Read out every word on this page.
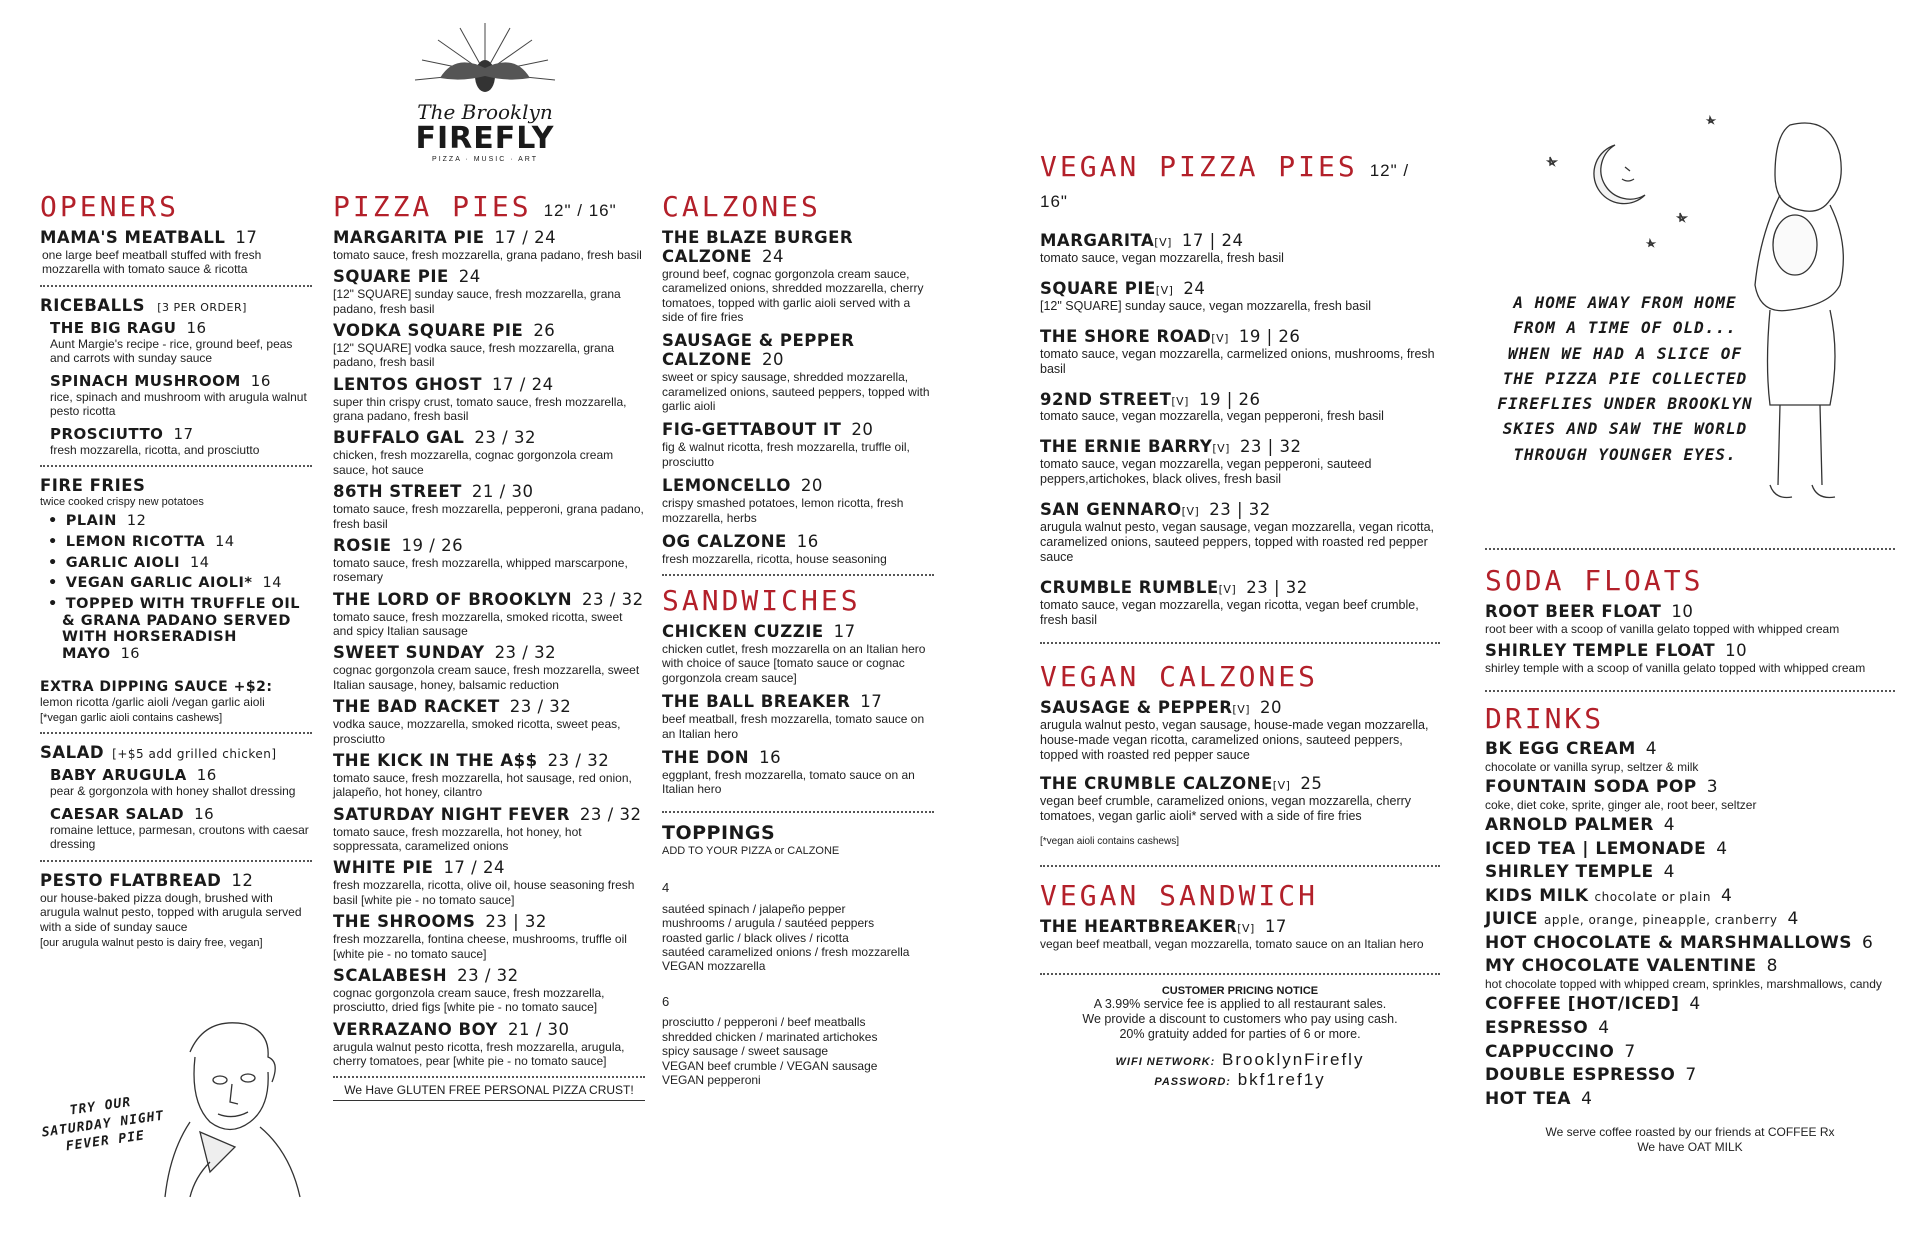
The Brooklyn
FIREFLY
PIZZA · MUSIC · ART
OPENERS
MAMA'S MEATBALL 17
one large beef meatball stuffed with fresh mozzarella with tomato sauce & ricotta
RICEBALLS [3 PER ORDER]
THE BIG RAGU 16
Aunt Margie's recipe - rice, ground beef, peas and carrots with sunday sauce
SPINACH MUSHROOM 16
rice, spinach and mushroom with arugula walnut pesto ricotta
PROSCIUTTO 17
fresh mozzarella, ricotta, and prosciutto
FIRE FRIES
twice cooked crispy new potatoes
• PLAIN 12
• LEMON RICOTTA 14
• GARLIC AIOLI 14
• VEGAN GARLIC AIOLI* 14
• TOPPED WITH TRUFFLE OIL & GRANA PADANO SERVED WITH HORSERADISH MAYO 16
EXTRA DIPPING SAUCE +$2:
lemon ricotta /garlic aioli /vegan garlic aioli
[*vegan garlic aioli contains cashews]
SALAD [+$5 add grilled chicken]
BABY ARUGULA 16
pear & gorgonzola with honey shallot dressing
CAESAR SALAD 16
romaine lettuce, parmesan, croutons with caesar dressing
PESTO FLATBREAD 12
our house-baked pizza dough, brushed with arugula walnut pesto, topped with arugula served with a side of sunday sauce
[our arugula walnut pesto is dairy free, vegan]
TRY OUR SATURDAY NIGHT FEVER PIE
PIZZA PIES 12" / 16"
MARGARITA PIE 17 / 24
tomato sauce, fresh mozzarella, grana padano, fresh basil
SQUARE PIE 24
[12" SQUARE] sunday sauce, fresh mozzarella, grana padano, fresh basil
VODKA SQUARE PIE 26
[12" SQUARE] vodka sauce, fresh mozzarella, grana padano, fresh basil
LENTOS GHOST 17 / 24
super thin crispy crust, tomato sauce, fresh mozzarella, grana padano, fresh basil
BUFFALO GAL 23 / 32
chicken, fresh mozzarella, cognac gorgonzola cream sauce, hot sauce
86TH STREET 21 / 30
tomato sauce, fresh mozzarella, pepperoni, grana padano, fresh basil
ROSIE 19 / 26
tomato sauce, fresh mozzarella, whipped marscarpone, rosemary
THE LORD OF BROOKLYN 23 / 32
tomato sauce, fresh mozzarella, smoked ricotta, sweet and spicy Italian sausage
SWEET SUNDAY 23 / 32
cognac gorgonzola cream sauce, fresh mozzarella, sweet Italian sausage, honey, balsamic reduction
THE BAD RACKET 23 / 32
vodka sauce, mozzarella, smoked ricotta, sweet peas, prosciutto
THE KICK IN THE A$$ 23 / 32
tomato sauce, fresh mozzarella, hot sausage, red onion, jalapeño, hot honey, cilantro
SATURDAY NIGHT FEVER 23 / 32
tomato sauce, fresh mozzarella, hot honey, hot soppressata, caramelized onions
WHITE PIE 17 / 24
fresh mozzarella, ricotta, olive oil, house seasoning fresh basil [white pie - no tomato sauce]
THE SHROOMS 23 | 32
fresh mozzarella, fontina cheese, mushrooms, truffle oil [white pie - no tomato sauce]
SCALABESH 23 / 32
cognac gorgonzola cream sauce, fresh mozzarella, prosciutto, dried figs [white pie - no tomato sauce]
VERRAZANO BOY 21 / 30
arugula walnut pesto ricotta, fresh mozzarella, arugula, cherry tomatoes, pear [white pie - no tomato sauce]
We Have GLUTEN FREE PERSONAL PIZZA CRUST!
CALZONES
THE BLAZE BURGER CALZONE 24
ground beef, cognac gorgonzola cream sauce, caramelized onions, shredded mozzarella, cherry tomatoes, topped with garlic aioli served with a side of fire fries
SAUSAGE & PEPPER CALZONE 20
sweet or spicy sausage, shredded mozzarella, caramelized onions, sauteed peppers, topped with garlic aioli
FIG-GETTABOUT IT 20
fig & walnut ricotta, fresh mozzarella, truffle oil, prosciutto
LEMONCELLO 20
crispy smashed potatoes, lemon ricotta, fresh mozzarella, herbs
OG CALZONE 16
fresh mozzarella, ricotta, house seasoning
SANDWICHES
CHICKEN CUZZIE 17
chicken cutlet, fresh mozzarella on an Italian hero with choice of sauce [tomato sauce or cognac gorgonzola cream sauce]
THE BALL BREAKER 17
beef meatball, fresh mozzarella, tomato sauce on an Italian hero
THE DON 16
eggplant, fresh mozzarella, tomato sauce on an Italian hero
TOPPINGS
ADD TO YOUR PIZZA or CALZONE
4
sautéed spinach / jalapeño pepper
mushrooms / arugula / sautéed peppers
roasted garlic / black olives / ricotta
sautéed caramelized onions / fresh mozzarella
VEGAN mozzarella
6
prosciutto / pepperoni / beef meatballs
shredded chicken / marinated artichokes
spicy sausage / sweet sausage
VEGAN beef crumble / VEGAN sausage
VEGAN pepperoni
VEGAN PIZZA PIES 12" / 16"
MARGARITA[V] 17 | 24
tomato sauce, vegan mozzarella, fresh basil
SQUARE PIE[V] 24
[12" SQUARE] sunday sauce, vegan mozzarella, fresh basil
THE SHORE ROAD[V] 19 | 26
tomato sauce, vegan mozzarella, carmelized onions, mushrooms, fresh basil
92ND STREET[V] 19 | 26
tomato sauce, vegan mozzarella, vegan pepperoni, fresh basil
THE ERNIE BARRY[V] 23 | 32
tomato sauce, vegan mozzarella, vegan pepperoni, sauteed peppers,artichokes, black olives, fresh basil
SAN GENNARO[V] 23 | 32
arugula walnut pesto, vegan sausage, vegan mozzarella, vegan ricotta, caramelized onions, sauteed peppers, topped with roasted red pepper sauce
CRUMBLE RUMBLE[V] 23 | 32
tomato sauce, vegan mozzarella, vegan ricotta, vegan beef crumble, fresh basil
VEGAN CALZONES
SAUSAGE & PEPPER[V] 20
arugula walnut pesto, vegan sausage, house-made vegan mozzarella, house-made vegan ricotta, caramelized onions, sauteed peppers, topped with roasted red pepper sauce
THE CRUMBLE CALZONE[V] 25
vegan beef crumble, caramelized onions, vegan mozzarella, cherry tomatoes, vegan garlic aioli* served with a side of fire fries
[*vegan aioli contains cashews]
VEGAN SANDWICH
THE HEARTBREAKER[V] 17
vegan beef meatball, vegan mozzarella, tomato sauce on an Italian hero
CUSTOMER PRICING NOTICE
A 3.99% service fee is applied to all restaurant sales.
We provide a discount to customers who pay using cash.
20% gratuity added for parties of 6 or more.
WIFI NETWORK: BrooklynFirefly
PASSWORD: bkf1ref1y
A HOME AWAY FROM HOME FROM A TIME OF OLD... WHEN WE HAD A SLICE OF THE PIZZA PIE COLLECTED FIREFLIES UNDER BROOKLYN SKIES AND SAW THE WORLD THROUGH YOUNGER EYES.
SODA FLOATS
ROOT BEER FLOAT 10
root beer with a scoop of vanilla gelato topped with whipped cream
SHIRLEY TEMPLE FLOAT 10
shirley temple with a scoop of vanilla gelato topped with whipped cream
DRINKS
BK EGG CREAM 4
chocolate or vanilla syrup, seltzer & milk
FOUNTAIN SODA POP 3
coke, diet coke, sprite, ginger ale, root beer, seltzer
ARNOLD PALMER 4
ICED TEA | LEMONADE 4
SHIRLEY TEMPLE 4
KIDS MILK chocolate or plain 4
JUICE apple, orange, pineapple, cranberry 4
HOT CHOCOLATE & MARSHMALLOWS 6
MY CHOCOLATE VALENTINE 8
hot chocolate topped with whipped cream, sprinkles, marshmallows, candy
COFFEE [HOT/ICED] 4
ESPRESSO 4
CAPPUCCINO 7
DOUBLE ESPRESSO 7
HOT TEA 4
We serve coffee roasted by our friends at COFFEE Rx
We have OAT MILK
